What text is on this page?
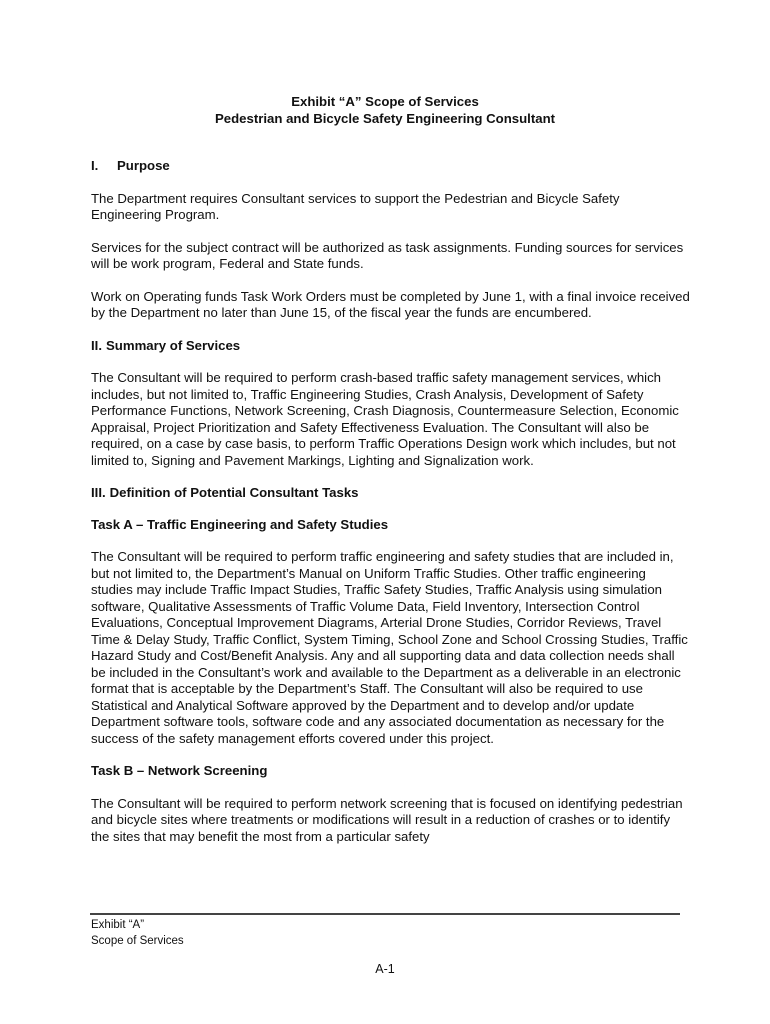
Exhibit “A” Scope of Services
Pedestrian and Bicycle Safety Engineering Consultant
I. Purpose

The Department requires Consultant services to support the Pedestrian and Bicycle Safety Engineering Program.

Services for the subject contract will be authorized as task assignments. Funding sources for services will be work program, Federal and State funds.

Work on Operating funds Task Work Orders must be completed by June 1, with a final invoice received by the Department no later than June 15, of the fiscal year the funds are encumbered.

II. Summary of Services

The Consultant will be required to perform crash-based traffic safety management services, which includes, but not limited to, Traffic Engineering Studies, Crash Analysis, Development of Safety Performance Functions, Network Screening, Crash Diagnosis, Countermeasure Selection, Economic Appraisal, Project Prioritization and Safety Effectiveness Evaluation. The Consultant will also be required, on a case by case basis, to perform Traffic Operations Design work which includes, but not limited to, Signing and Pavement Markings, Lighting and Signalization work.

III. Definition of Potential Consultant Tasks
Task A – Traffic Engineering and Safety Studies

The Consultant will be required to perform traffic engineering and safety studies that are included in, but not limited to, the Department’s Manual on Uniform Traffic Studies. Other traffic engineering studies may include Traffic Impact Studies, Traffic Safety Studies, Traffic Analysis using simulation software, Qualitative Assessments of Traffic Volume Data, Field Inventory, Intersection Control Evaluations, Conceptual Improvement Diagrams, Arterial Drone Studies, Corridor Reviews, Travel Time & Delay Study, Traffic Conflict, System Timing, School Zone and School Crossing Studies, Traffic Hazard Study and Cost/Benefit Analysis. Any and all supporting data and data collection needs shall be included in the Consultant’s work and available to the Department as a deliverable in an electronic format that is acceptable by the Department’s Staff. The Consultant will also be required to use Statistical and Analytical Software approved by the Department and to develop and/or update Department software tools, software code and any associated documentation as necessary for the success of the safety management efforts covered under this project.

Task B – Network Screening

The Consultant will be required to perform network screening that is focused on identifying pedestrian and bicycle sites where treatments or modifications will result in a reduction of crashes or to identify the sites that may benefit the most from a particular safety

Exhibit “A”
Scope of Services
A-1
